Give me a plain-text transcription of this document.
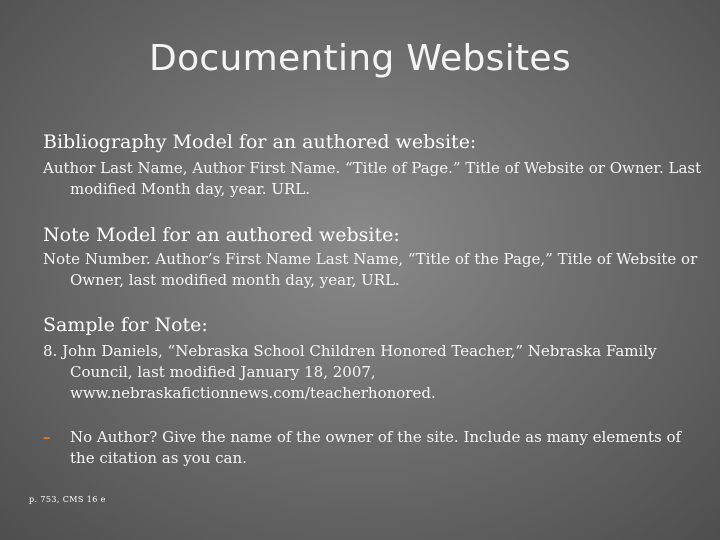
Documenting Websites

Bibliography Model for an authored website:

Author Last Name, Author First Name. “Title of Page.” Title of Website or Owner. Last modified Month day, year. URL.

Note Model for an authored website:

Note Number. Author’s First Name Last Name, “Title of the Page,” Title of Website or Owner, last modified month day, year, URL.

Sample for Note:

8. John Daniels, “Nebraska School Children Honored Teacher,” Nebraska Family Council, last modified January 18, 2007, www.nebraskafictionnews.com/teacherhonored.

–	No Author? Give the name of the owner of the site. Include as many elements of the citation as you can.
p. 753, CMS 16 e
